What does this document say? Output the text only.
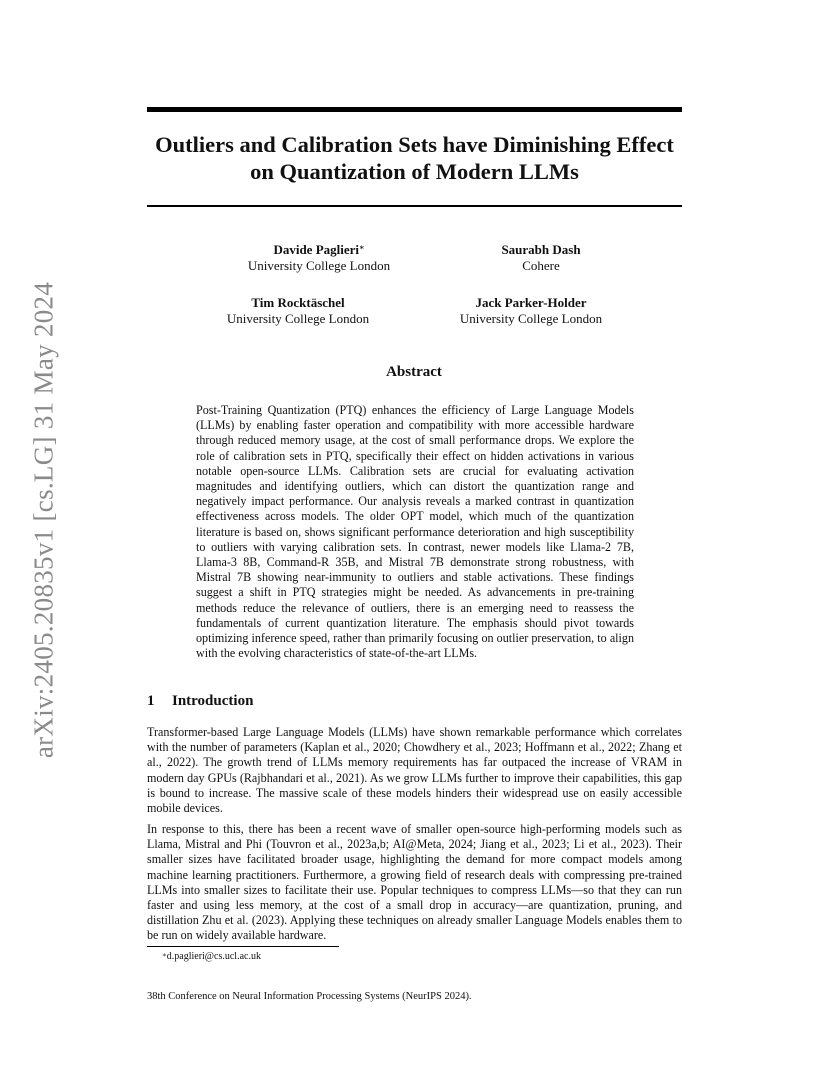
arXiv:2405.20835v1 [cs.LG] 31 May 2024
Outliers and Calibration Sets have Diminishing Effect
on Quantization of Modern LLMs
Davide Paglieri∗
University College London
Saurabh Dash
Cohere
Tim Rocktäschel
University College London
Jack Parker-Holder
University College London
Abstract

Post-Training Quantization (PTQ) enhances the efficiency of Large Language Models (LLMs) by enabling faster operation and compatibility with more accessible hardware through reduced memory usage, at the cost of small performance drops. We explore the role of calibration sets in PTQ, specifically their effect on hidden activations in various notable open-source LLMs. Calibration sets are crucial for evaluating activation magnitudes and identifying outliers, which can distort the quantization range and negatively impact performance. Our analysis reveals a marked contrast in quantization effectiveness across models. The older OPT model, which much of the quantization literature is based on, shows significant performance deterioration and high susceptibility to outliers with varying calibration sets. In contrast, newer models like Llama-2 7B, Llama-3 8B, Command-R 35B, and Mistral 7B demonstrate strong robustness, with Mistral 7B showing near-immunity to outliers and stable activations. These findings suggest a shift in PTQ strategies might be needed. As advancements in pre-training methods reduce the relevance of outliers, there is an emerging need to reassess the fundamentals of current quantization literature. The emphasis should pivot towards optimizing inference speed, rather than primarily focusing on outlier preservation, to align with the evolving characteristics of state-of-the-art LLMs.

1 Introduction

Transformer-based Large Language Models (LLMs) have shown remarkable performance which correlates with the number of parameters (Kaplan et al., 2020; Chowdhery et al., 2023; Hoffmann et al., 2022; Zhang et al., 2022). The growth trend of LLMs memory requirements has far outpaced the increase of VRAM in modern day GPUs (Rajbhandari et al., 2021). As we grow LLMs further to improve their capabilities, this gap is bound to increase. The massive scale of these models hinders their widespread use on easily accessible mobile devices.

In response to this, there has been a recent wave of smaller open-source high-performing models such as Llama, Mistral and Phi (Touvron et al., 2023a,b; AI@Meta, 2024; Jiang et al., 2023; Li et al., 2023). Their smaller sizes have facilitated broader usage, highlighting the demand for more compact models among machine learning practitioners. Furthermore, a growing field of research deals with compressing pre-trained LLMs into smaller sizes to facilitate their use. Popular techniques to compress LLMs—so that they can run faster and using less memory, at the cost of a small drop in accuracy—are quantization, pruning, and distillation Zhu et al. (2023). Applying these techniques on already smaller Language Models enables them to be run on widely available hardware.

∗d.paglieri@cs.ucl.ac.uk
38th Conference on Neural Information Processing Systems (NeurIPS 2024).
